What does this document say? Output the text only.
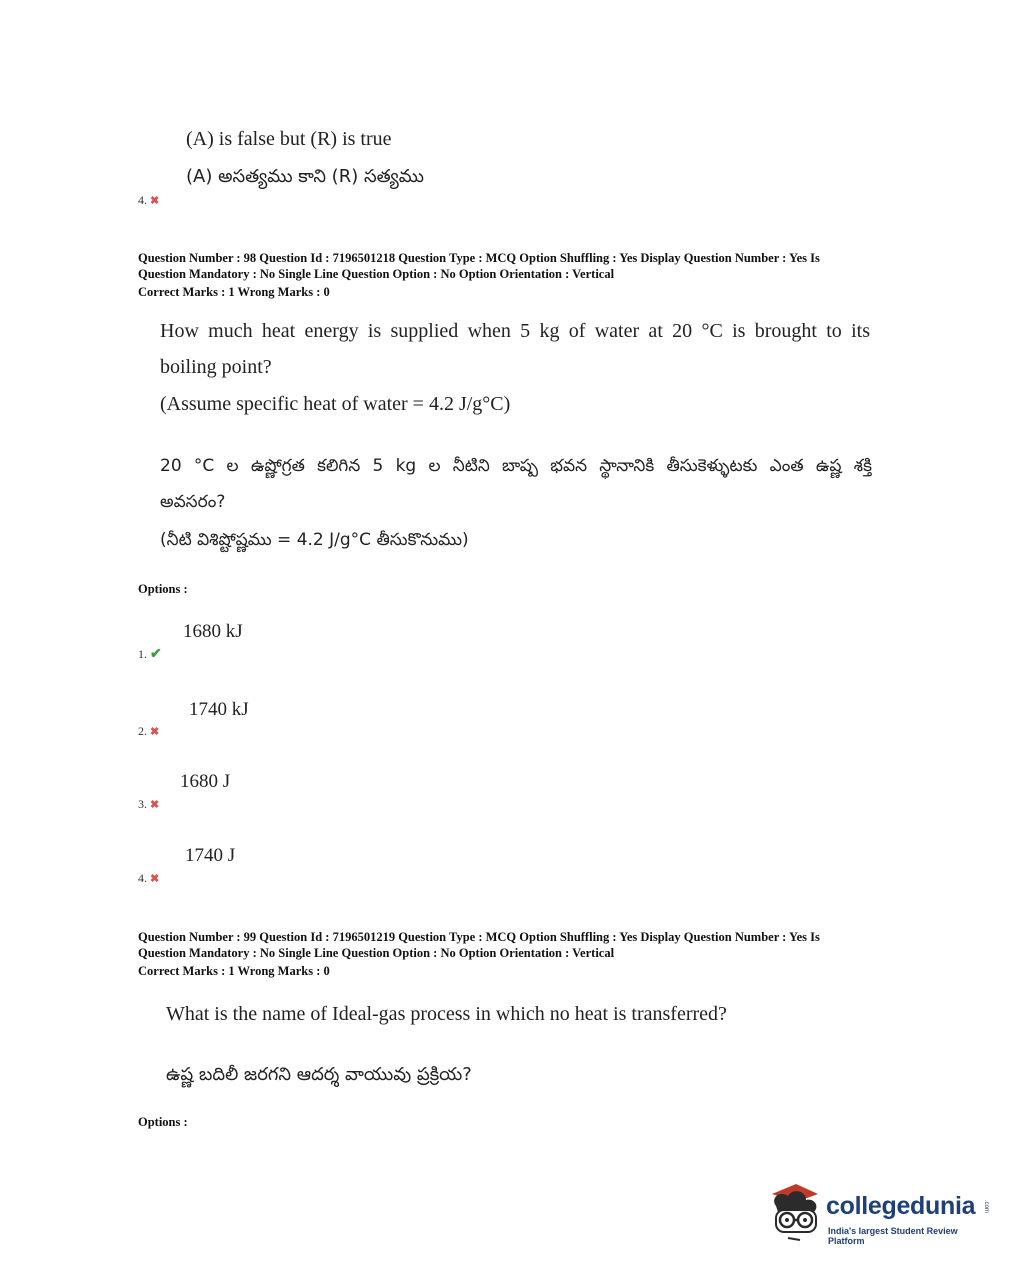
(A) is false but (R) is true
(A) అసత్యము కాని (R) సత్యము
4. ✖
Question Number : 98 Question Id : 7196501218 Question Type : MCQ Option Shuffling : Yes Display Question Number : Yes Is
Question Mandatory : No Single Line Question Option : No Option Orientation : Vertical
Correct Marks : 1 Wrong Marks : 0
How much heat energy is supplied when 5 kg of water at 20 °C is brought to its
boiling point?
(Assume specific heat of water = 4.2 J/g°C)
20 °C ల ఉష్ణోగ్రత కలిగిన 5 kg ల నీటిని బాష్ప భవన స్థానానికి తీసుకెళ్ళుటకు ఎంత ఉష్ణ శక్తి
అవసరం?
(నీటి విశిష్టోష్ణము = 4.2 J/g°C తీసుకొనుము)
Options :
1680 kJ
1. ✔
1740 kJ
2. ✖
1680 J
3. ✖
1740 J
4. ✖
Question Number : 99 Question Id : 7196501219 Question Type : MCQ Option Shuffling : Yes Display Question Number : Yes Is
Question Mandatory : No Single Line Question Option : No Option Orientation : Vertical
Correct Marks : 1 Wrong Marks : 0
What is the name of Ideal-gas process in which no heat is transferred?
ఉష్ణ బదిలీ జరగని ఆదర్శ వాయువు ప్రక్రియ?
Options :
collegedunia .com
India's largest Student Review Platform
